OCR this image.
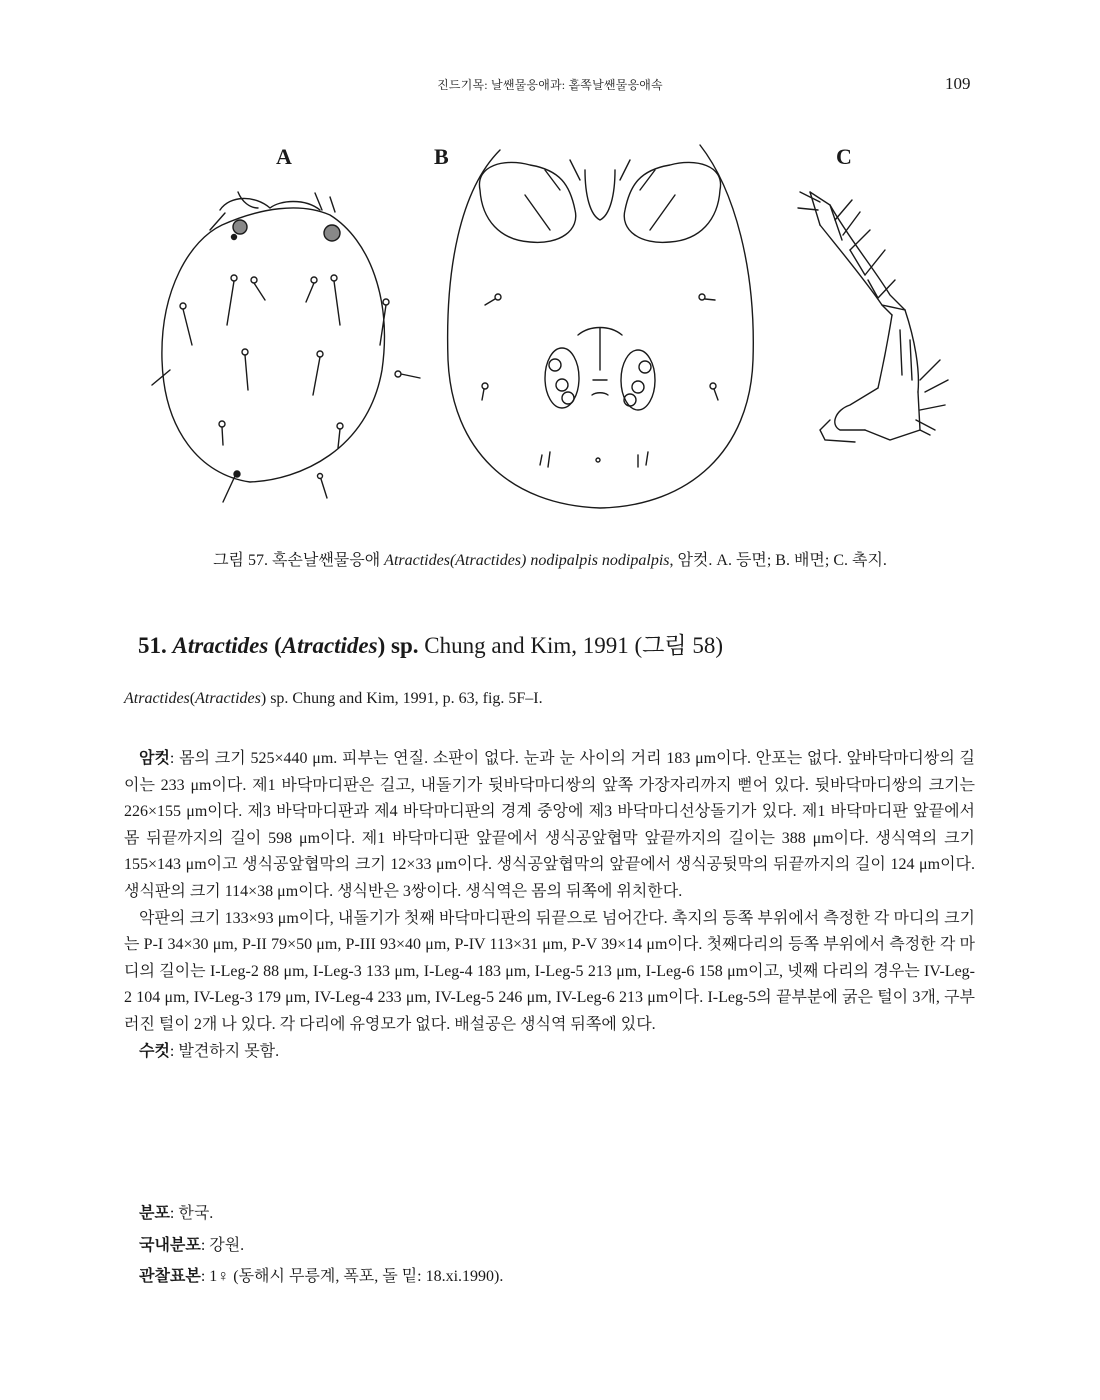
진드기목: 날쌘물응애과: 홑쪽날쌘물응애속	109
A	B	C
그림 57. 혹손날쌘물응애 Atractides(Atractides) nodipalpis nodipalpis, 암컷. A. 등면; B. 배면; C. 촉지.
51. Atractides (Atractides) sp. Chung and Kim, 1991 (그림 58)
Atractides(Atractides) sp. Chung and Kim, 1991, p. 63, fig. 5F–I.

암컷: 몸의 크기 525×440 μm. 피부는 연질. 소판이 없다. 눈과 눈 사이의 거리 183 μm이다. 안포는 없다. 앞바닥마디쌍의 길이는 233 μm이다. 제1 바닥마디판은 길고, 내돌기가 뒷바닥마디쌍의 앞쪽 가장자리까지 뻗어 있다. 뒷바닥마디쌍의 크기는 226×155 μm이다. 제3 바닥마디판과 제4 바닥마디판의 경계 중앙에 제3 바닥마디선상돌기가 있다. 제1 바닥마디판 앞끝에서 몸 뒤끝까지의 길이 598 μm이다. 제1 바닥마디판 앞끝에서 생식공앞협막 앞끝까지의 길이는 388 μm이다. 생식역의 크기 155×143 μm이고 생식공앞협막의 크기 12×33 μm이다. 생식공앞협막의 앞끝에서 생식공뒷막의 뒤끝까지의 길이 124 μm이다. 생식판의 크기 114×38 μm이다. 생식반은 3쌍이다. 생식역은 몸의 뒤쪽에 위치한다.

악판의 크기 133×93 μm이다, 내돌기가 첫째 바닥마디판의 뒤끝으로 넘어간다. 촉지의 등쪽 부위에서 측정한 각 마디의 크기는 P-I 34×30 μm, P-II 79×50 μm, P-III 93×40 μm, P-IV 113×31 μm, P-V 39×14 μm이다. 첫째다리의 등쪽 부위에서 측정한 각 마디의 길이는 I-Leg-2 88 μm, I-Leg-3 133 μm, I-Leg-4 183 μm, I-Leg-5 213 μm, I-Leg-6 158 μm이고, 넷째 다리의 경우는 IV-Leg-2 104 μm, IV-Leg-3 179 μm, IV-Leg-4 233 μm, IV-Leg-5 246 μm, IV-Leg-6 213 μm이다. I-Leg-5의 끝부분에 굵은 털이 3개, 구부러진 털이 2개 나 있다. 각 다리에 유영모가 없다. 배설공은 생식역 뒤쪽에 있다.

수컷: 발견하지 못함.

분포: 한국.
국내분포: 강원.
관찰표본: 1♀ (동해시 무릉계, 폭포, 돌 밑: 18.xi.1990).
